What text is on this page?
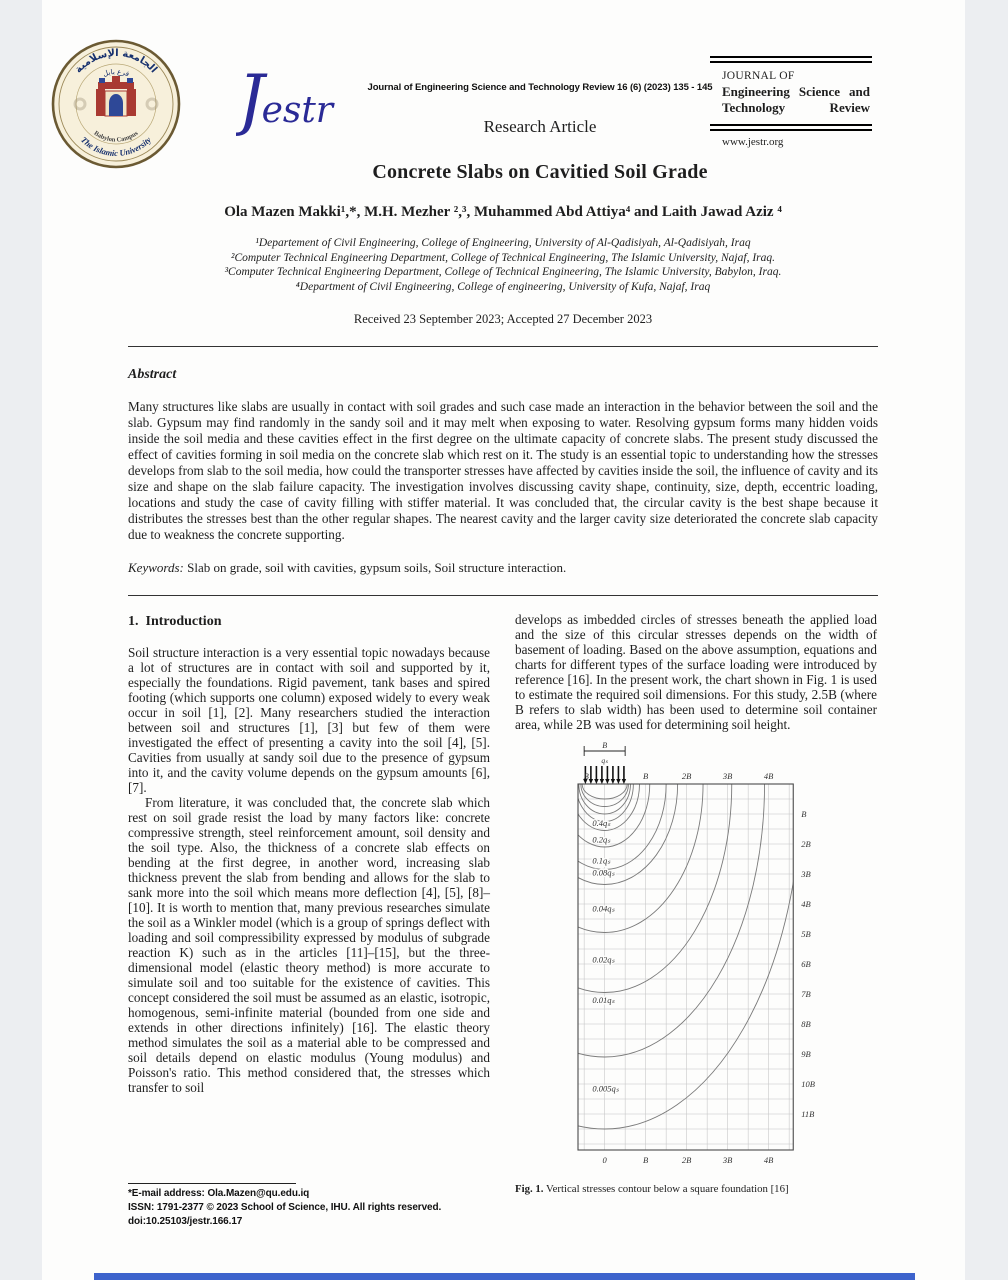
الجامعة الإسلامية
فرع بابل
The Islamic University
Babylon Campus J estr
Journal of Engineering Science and Technology Review 16 (6) (2023) 135 - 145
Research Article
Concrete Slabs on Cavitied Soil Grade
JOURNAL OF
Engineering Science and Technology Review
www.jestr.org
Ola Mazen Makki¹,*, M.H. Mezher ²,³, Muhammed Abd Attiya⁴ and Laith Jawad Aziz ⁴
¹Departement of Civil Engineering, College of Engineering, University of Al-Qadisiyah, Al-Qadisiyah, Iraq
²Computer Technical Engineering Department, College of Technical Engineering, The Islamic University, Najaf, Iraq.
³Computer Technical Engineering Department, College of Technical Engineering, The Islamic University, Babylon, Iraq.
⁴Department of Civil Engineering, College of engineering, University of Kufa, Najaf, Iraq
Received 23 September 2023; Accepted 27 December 2023
Abstract

Many structures like slabs are usually in contact with soil grades and such case made an interaction in the behavior between the soil and the slab. Gypsum may find randomly in the sandy soil and it may melt when exposing to water. Resolving gypsum forms many hidden voids inside the soil media and these cavities effect in the first degree on the ultimate capacity of concrete slabs. The present study discussed the effect of cavities forming in soil media on the concrete slab which rest on it. The study is an essential topic to understanding how the stresses develops from slab to the soil media, how could the transporter stresses have affected by cavities inside the soil, the influence of cavity and its size and shape on the slab failure capacity. The investigation involves discussing cavity shape, continuity, size, depth, eccentric loading, locations and study the case of cavity filling with stiffer material. It was concluded that, the circular cavity is the best shape because it distributes the stresses best than the other regular shapes. The nearest cavity and the larger cavity size deteriorated the concrete slab capacity due to weakness the concrete supporting.

Keywords: Slab on grade, soil with cavities, gypsum soils, Soil structure interaction.

1.  Introduction

Soil structure interaction is a very essential topic nowadays because a lot of structures are in contact with soil and supported by it, especially the foundations. Rigid pavement, tank bases and spired footing (which supports one column) exposed widely to every weak occur in soil [1], [2]. Many researchers studied the interaction between soil and structures [1], [3] but few of them were investigated the effect of presenting a cavity into the soil [4], [5]. Cavities from usually at sandy soil due to the presence of gypsum into it, and the cavity volume depends on the gypsum amounts [6], [7].

From literature, it was concluded that, the concrete slab which rest on soil grade resist the load by many factors like: concrete compressive strength, steel reinforcement amount, soil density and the soil type. Also, the thickness of a concrete slab effects on bending at the first degree, in another word, increasing slab thickness prevent the slab from bending and allows for the slab to sank more into the soil which means more deflection [4], [5], [8]–[10]. It is worth to mention that, many previous researches simulate the soil as a Winkler model (which is a group of springs deflect with loading and soil compressibility expressed by modulus of subgrade reaction K) such as in the articles [11]–[15], but the three-dimensional model (elastic theory method) is more accurate to simulate soil and too suitable for the existence of cavities. This concept considered the soil must be assumed as an elastic, isotropic, homogenous, semi-infinite material (bounded from one side and extends in other directions infinitely) [16]. The elastic theory method simulates the soil as a material able to be compressed and soil details depend on elastic modulus (Young modulus) and Poisson's ratio. This method considered that, the stresses which transfer to soil

develops as imbedded circles of stresses beneath the applied load and the size of this circular stresses depends on the width of basement of loading. Based on the above assumption, equations and charts for different types of the surface loading were introduced by reference [16]. In the present work, the chart shown in Fig. 1 is used to estimate the required soil dimensions. For this study, 2.5B (where B refers to slab width) has been used to determine soil container area, while 2B was used for determining soil height.

B
qₛ
B	B	2B	3B	4B
B
2B
3B
4B
5B
6B
7B
8B
9B
10B
11B
0	B	2B	3B	4B
0.4qₛ
0.2qₛ
0.1qₛ
0.08qₛ
0.04qₛ
0.02qₛ
0.01qₛ
0.005qₛ
Fig. 1. Vertical stresses contour below a square foundation [16]
*E-mail address: Ola.Mazen@qu.edu.iq
ISSN: 1791-2377 © 2023 School of Science, IHU. All rights reserved.
doi:10.25103/jestr.166.17
